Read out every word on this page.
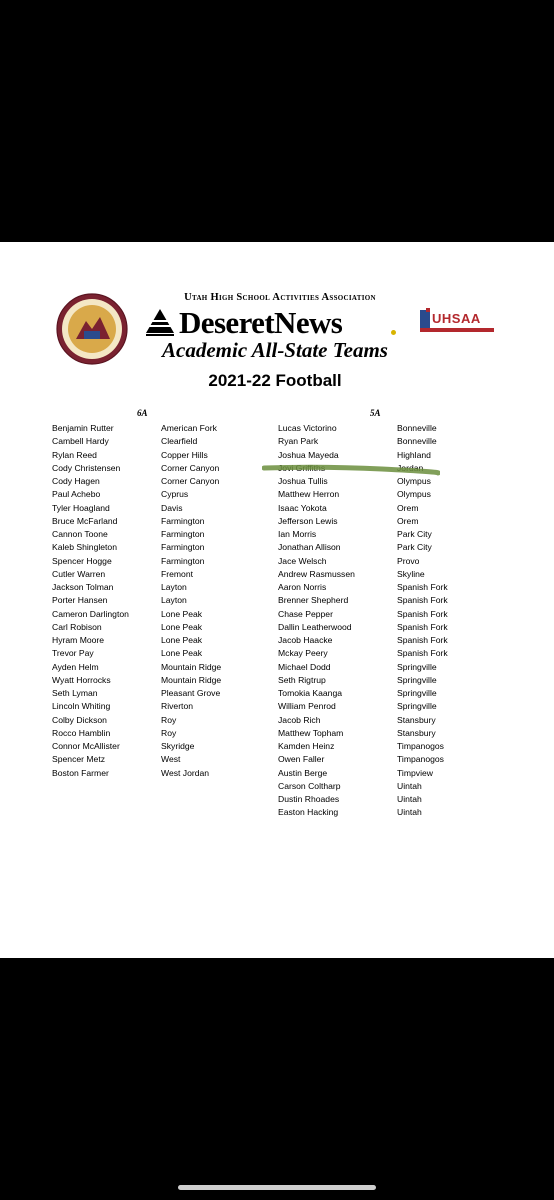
Utah High School Activities Association
DeseretNews	UHSAA
Academic All-State Teams
2021-22 Football
6A	5A
Benjamin Rutter
Cambell Hardy
Rylan Reed
Cody Christensen
Cody Hagen
Paul Achebo
Tyler Hoagland
Bruce McFarland
Cannon Toone
Kaleb Shingleton
Spencer Hogge
Cutler Warren
Jackson Tolman
Porter Hansen
Cameron Darlington
Carl Robison
Hyram Moore
Trevor Pay
Ayden Helm
Wyatt Horrocks
Seth Lyman
Lincoln Whiting
Colby Dickson
Rocco Hamblin
Connor McAllister
Spencer Metz
Boston Farmer
American Fork
Clearfield
Copper Hills
Corner Canyon
Corner Canyon
Cyprus
Davis
Farmington
Farmington
Farmington
Farmington
Fremont
Layton
Layton
Lone Peak
Lone Peak
Lone Peak
Lone Peak
Mountain Ridge
Mountain Ridge
Pleasant Grove
Riverton
Roy
Roy
Skyridge
West
West Jordan
Lucas Victorino
Ryan Park
Joshua Mayeda
Jovi Griffiths
Joshua Tullis
Matthew Herron
Isaac Yokota
Jefferson Lewis
Ian Morris
Jonathan Allison
Jace Welsch
Andrew Rasmussen
Aaron Norris
Brenner Shepherd
Chase Pepper
Dallin Leatherwood
Jacob Haacke
Mckay Peery
Michael Dodd
Seth Rigtrup
Tomokia Kaanga
William Penrod
Jacob Rich
Matthew Topham
Kamden Heinz
Owen Faller
Austin Berge
Carson Coltharp
Dustin Rhoades
Easton Hacking
Bonneville
Bonneville
Highland
Jordan
Olympus
Olympus
Orem
Orem
Park City
Park City
Provo
Skyline
Spanish Fork
Spanish Fork
Spanish Fork
Spanish Fork
Spanish Fork
Spanish Fork
Springville
Springville
Springville
Springville
Stansbury
Stansbury
Timpanogos
Timpanogos
Timpview
Uintah
Uintah
Uintah
